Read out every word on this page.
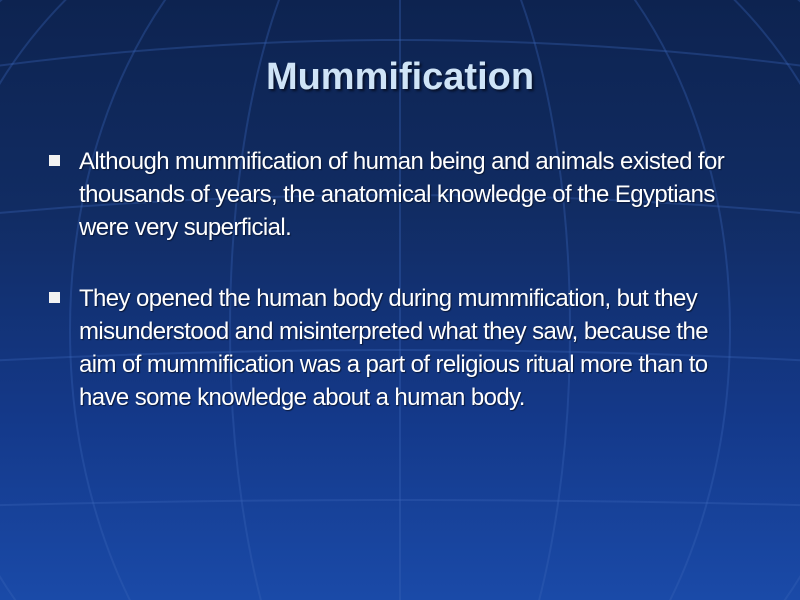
Mummification
Although mummification of human being and animals existed for thousands of years, the anatomical knowledge of the Egyptians were very superficial.
They opened the human body during mummification, but they misunderstood and misinterpreted what they saw, because the aim of mummification was a part of religious ritual more than to have some knowledge about a human body.
